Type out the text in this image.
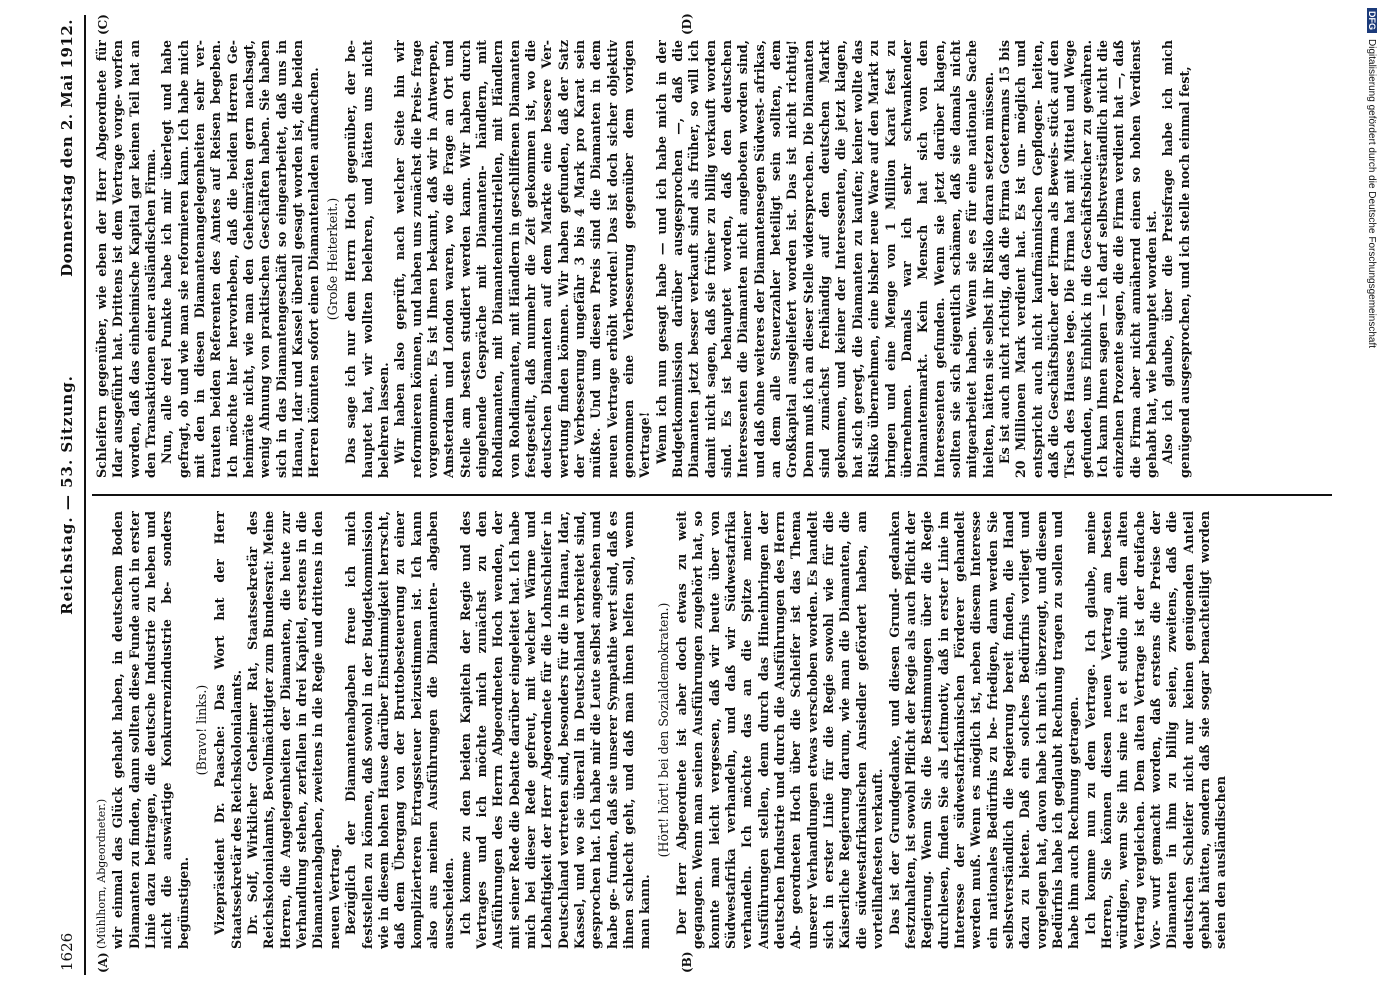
1626
Reichstag. — 53. Sitzung.
Donnerstag den 2. Mai 1912.
(A)	(B)
(C)	(D)

(Mühlhorn, Abgeordneter.) wir einmal das Glück gehabt haben, in deutschem Boden Diamanten zu finden, dann sollten diese Funde auch in erster Linie dazu beitragen, die deutsche Industrie zu heben und nicht die auswärtige Konkurrenzindustrie be- sonders begünstigen.

(Bravo! links.) Vizepräsident Dr. Paasche: Das Wort hat der Herr Staatssekretär des Reichskolonialamts. Dr. Solf, Wirklicher Geheimer Rat, Staatssekretär des Reichskolonialamts, Bevollmächtigter zum Bundesrat: Meine Herren, die Angelegenheiten der Diamanten, die heute zur Verhandlung stehen, zerfallen in drei Kapitel, erstens in die Diamantenabgaben, zweitens in die Regie und drittens in den neuen Vertrag. Bezüglich der Diamantenabgaben freue ich mich feststellen zu können, daß sowohl in der Budgetkommission wie in diesem hohen Hause darüber Einstimmigkeit herrscht, daß dem Übergang von der Bruttobesteuerung zu einer komplizierteren Ertragssteuer beizustimmen ist. Ich kann also aus meinen Ausführungen die Diamanten- abgaben ausscheiden. Ich komme zu den beiden Kapiteln der Regie und des Vertrages und ich möchte mich zunächst zu den Ausführungen des Herrn Abgeordneten Hoch wenden, der mit seiner Rede die Debatte darüber eingeleitet hat. Ich habe mich bei dieser Rede gefreut, mit welcher Wärme und Lebhaftigkeit der Herr Abgeordnete für die Lohnschleifer in Deutschland vertreten sind, besonders für die in Hanau, Idar, Kassel, und wo sie überall in Deutschland verbreitet sind, gesprochen hat. Ich habe mir die Leute selbst angesehen und habe ge- funden, daß sie unserer Sympathie wert sind, daß es ihnen schlecht geht, und daß man ihnen helfen soll, wenn man kann.

(Hört! hört! bei den Sozialdemokraten.) Der Herr Abgeordnete ist aber doch etwas zu weit gegangen. Wenn man seinen Ausführungen zugehört hat, so konnte man leicht vergessen, daß wir heute über von Südwestafrika verhandeln, und daß wir Südwestafrika verhandeln. Ich möchte das an die Spitze meiner Ausführungen stellen, denn durch das Hineinbringen der deutschen Industrie und durch die Ausführungen des Herrn Ab- geordneten Hoch über die Schleifer ist das Thema unserer Verhandlungen etwas verschoben worden. Es handelt sich in erster Linie für die Regie sowohl wie für die Kaiserliche Regierung darum, wie man die Diamanten, die die südwestafrikanischen Ansiedler gefördert haben, am vorteilhaftesten verkauft. Das ist der Grundgedanke, und diesen Grund- gedanken festzuhalten, ist sowohl Pflicht der Regie als auch Pflicht der Regierung. Wenn Sie die Bestimmungen über die Regie durchlesen, finden Sie als Leitmotiv, daß in erster Linie im Interesse der südwestafrikanischen Förderer gehandelt werden muß. Wenn es möglich ist, neben diesem Interesse ein nationales Bedürfnis zu be- friedigen, dann werden Sie selbstverständlich die Regierung bereit finden, die Hand dazu zu bieten. Daß ein solches Bedürfnis vorliegt und vorgelegen hat, davon habe ich mich überzeugt, und diesem Bedürfnis habe ich geglaubt Rechnung tragen zu sollen und habe ihm auch Rechnung getragen. Ich komme nun zu dem Vertrage. Ich glaube, meine Herren, Sie können diesen neuen Vertrag am besten würdigen, wenn Sie ihn sine ira et studio mit dem alten Vertrag vergleichen. Dem alten Vertrage ist der dreifache Vor- wurf gemacht worden, daß erstens die Preise der Diamanten in ihm zu billig seien, zweitens, daß die deutschen Schleifer nicht nur keinen genügenden Anteil gehabt hätten, sondern daß sie sogar benachteiligt worden seien den ausländischen

Schleifern gegenüber, wie eben der Herr Abgeordnete für Idar ausgeführt hat. Drittens ist dem Vertrage vorge- worfen worden, daß das einheimische Kapital gar keinen Teil hat an den Transaktionen einer ausländischen Firma. Nun, alle drei Punkte habe ich mir überlegt und habe gefragt, ob und wie man sie reformieren kann. Ich habe mich mit den in diesen Diamantenangelegenheiten sehr ver- trauten beiden Referenten des Amtes auf Reisen begeben. Ich möchte hier hervorheben, daß die beiden Herren Ge- heimräte nicht, wie man den Geheimräten gern nachsagt, wenig Ahnung von praktischen Geschäften haben. Sie haben sich in das Diamantengeschäft so eingearbeitet, daß uns in Hanau, Idar und Kassel überall gesagt worden ist, die beiden Herren könnten sofort einen Diamantenladen aufmachen. (Große Heiterkeit.) Das sage ich nur dem Herrn Hoch gegenüber, der be- hauptet hat, wir wollten belehren, und hätten uns nicht belehren lassen. Wir haben also geprüft, nach welcher Seite hin wir reformieren können, und haben uns zunächst die Preis- frage vorgenommen. Es ist Ihnen bekannt, daß wir in Antwerpen, Amsterdam und London waren, wo die Frage an Ort und Stelle am besten studiert werden kann. Wir haben durch eingehende Gespräche mit Diamanten- händlern, mit Rohdiamanten, mit Diamantenindustriellen, mit Händlern von Rohdiamanten, mit Händlern in geschliffenen Diamanten festgestellt, daß nunmehr die Zeit gekommen ist, wo die deutschen Diamanten auf dem Markte eine bessere Ver- wertung finden können. Wir haben gefunden, daß der Satz der Verbesserung ungefähr 3 bis 4 Mark pro Karat sein müßte. Und um diesen Preis sind die Diamanten in dem neuen Vertrage erhöht worden! Das ist doch sicher objektiv genommen eine Verbesserung gegenüber dem vorigen Vertrage! Wenn ich nun gesagt habe — und ich habe mich in der Budgetkommission darüber ausgesprochen —, daß die Diamanten jetzt besser verkauft sind als früher, so will ich damit nicht sagen, daß sie früher zu billig verkauft worden sind. Es ist behauptet worden, daß den deutschen Interessenten die Diamanten nicht angeboten worden sind, und daß ohne weiteres der Diamantensegen Südwest- afrikas, an dem alle Steuerzahler beteiligt sein sollten, dem Großkapital ausgeliefert worden ist. Das ist nicht richtig! Denn muß ich an dieser Stelle widersprechen. Die Diamanten sind zunächst freihändig auf den deutschen Markt gekommen, und keiner der Interessenten, die jetzt klagen, hat sich geregt, die Diamanten zu kaufen; keiner wollte das Risiko übernehmen, eine bisher neue Ware auf den Markt zu bringen und eine Menge von 1 Million Karat fest zu übernehmen. Damals war ich sehr schwankender Diamantenmarkt. Kein Mensch hat sich von den Interessenten gefunden. Wenn sie jetzt darüber klagen, sollten sie sich eigentlich schämen, daß sie damals nicht mitgearbeitet haben. Wenn sie es für eine nationale Sache hielten, hätten sie selbst ihr Risiko daran setzen müssen. Es ist auch nicht richtig, daß die Firma Goetermans 15 bis 20 Millionen Mark verdient hat. Es ist un- möglich und entspricht auch nicht kaufmännischen Gepflogen- heiten, daß die Geschäftsbücher der Firma als Beweis- stück auf den Tisch des Hauses lege. Die Firma hat mit Mittel und Wege gefunden, uns Einblick in die Geschäftsbücher zu gewähren. Ich kann Ihnen sagen — ich darf selbstverständlich nicht die einzelnen Prozente sagen, die die Firma verdient hat —, daß die Firma aber nicht annähernd einen so hohen Verdienst gehabt hat, wie behauptet worden ist. Also ich glaube, über die Preisfrage habe ich mich genügend ausgesprochen, und ich stelle noch einmal fest,

DFG
Digitalisierung gefördert durch die Deutsche Forschungsgemeinschaft
